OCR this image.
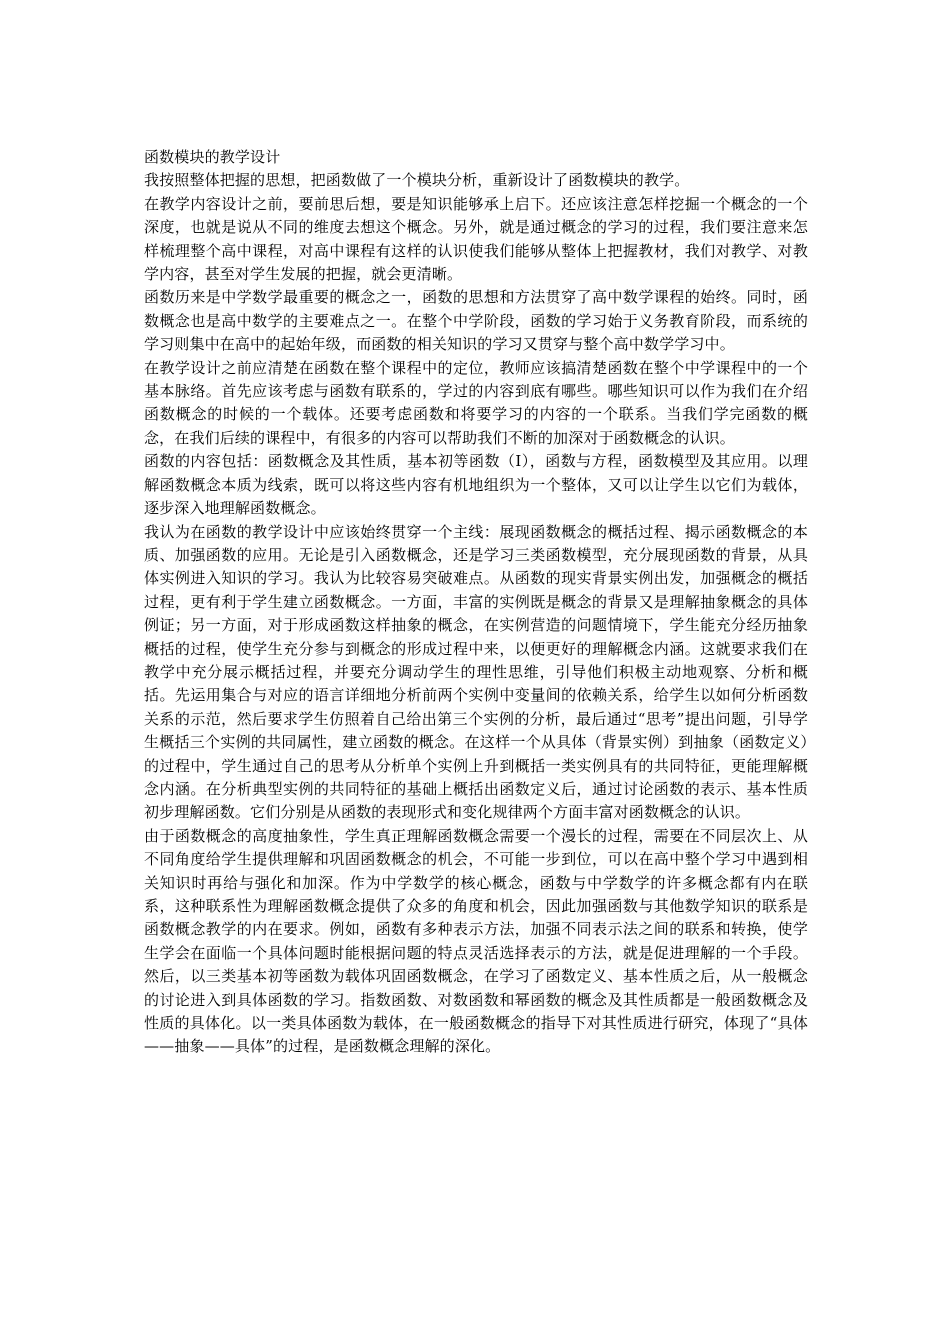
函数模块的教学设计

我按照整体把握的思想，把函数做了一个模块分析，重新设计了函数模块的教学。

在教学内容设计之前，要前思后想，要是知识能够承上启下。还应该注意怎样挖掘一个概念的一个深度，也就是说从不同的维度去想这个概念。另外，就是通过概念的学习的过程，我们要注意来怎样梳理整个高中课程，对高中课程有这样的认识使我们能够从整体上把握教材，我们对教学、对教学内容，甚至对学生发展的把握，就会更清晰。

函数历来是中学数学最重要的概念之一，函数的思想和方法贯穿了高中数学课程的始终。同时，函数概念也是高中数学的主要难点之一。在整个中学阶段，函数的学习始于义务教育阶段，而系统的学习则集中在高中的起始年级，而函数的相关知识的学习又贯穿与整个高中数学学习中。

在教学设计之前应清楚在函数在整个课程中的定位，教师应该搞清楚函数在整个中学课程中的一个基本脉络。首先应该考虑与函数有联系的，学过的内容到底有哪些。哪些知识可以作为我们在介绍函数概念的时候的一个载体。还要考虑函数和将要学习的内容的一个联系。当我们学完函数的概念，在我们后续的课程中，有很多的内容可以帮助我们不断的加深对于函数概念的认识。

函数的内容包括：函数概念及其性质，基本初等函数（Ⅰ），函数与方程，函数模型及其应用。以理解函数概念本质为线索，既可以将这些内容有机地组织为一个整体，又可以让学生以它们为载体，逐步深入地理解函数概念。

我认为在函数的教学设计中应该始终贯穿一个主线：展现函数概念的概括过程、揭示函数概念的本质、加强函数的应用。无论是引入函数概念，还是学习三类函数模型，充分展现函数的背景，从具体实例进入知识的学习。我认为比较容易突破难点。从函数的现实背景实例出发，加强概念的概括过程，更有利于学生建立函数概念。一方面，丰富的实例既是概念的背景又是理解抽象概念的具体例证；另一方面，对于形成函数这样抽象的概念，在实例营造的问题情境下，学生能充分经历抽象概括的过程，使学生充分参与到概念的形成过程中来，以便更好的理解概念内涵。这就要求我们在教学中充分展示概括过程，并要充分调动学生的理性思维，引导他们积极主动地观察、分析和概括。先运用集合与对应的语言详细地分析前两个实例中变量间的依赖关系，给学生以如何分析函数关系的示范，然后要求学生仿照着自己给出第三个实例的分析，最后通过“思考”提出问题，引导学生概括三个实例的共同属性，建立函数的概念。在这样一个从具体（背景实例）到抽象（函数定义）的过程中，学生通过自己的思考从分析单个实例上升到概括一类实例具有的共同特征，更能理解概念内涵。在分析典型实例的共同特征的基础上概括出函数定义后，通过讨论函数的表示、基本性质初步理解函数。它们分别是从函数的表现形式和变化规律两个方面丰富对函数概念的认识。

由于函数概念的高度抽象性，学生真正理解函数概念需要一个漫长的过程，需要在不同层次上、从不同角度给学生提供理解和巩固函数概念的机会，不可能一步到位，可以在高中整个学习中遇到相关知识时再给与强化和加深。作为中学数学的核心概念，函数与中学数学的许多概念都有内在联系，这种联系性为理解函数概念提供了众多的角度和机会，因此加强函数与其他数学知识的联系是函数概念教学的内在要求。例如，函数有多种表示方法，加强不同表示法之间的联系和转换，使学生学会在面临一个具体问题时能根据问题的特点灵活选择表示的方法，就是促进理解的一个手段。然后，以三类基本初等函数为载体巩固函数概念，在学习了函数定义、基本性质之后，从一般概念的讨论进入到具体函数的学习。指数函数、对数函数和幂函数的概念及其性质都是一般函数概念及性质的具体化。以一类具体函数为载体，在一般函数概念的指导下对其性质进行研究，体现了“具体——抽象——具体”的过程，是函数概念理解的深化。
